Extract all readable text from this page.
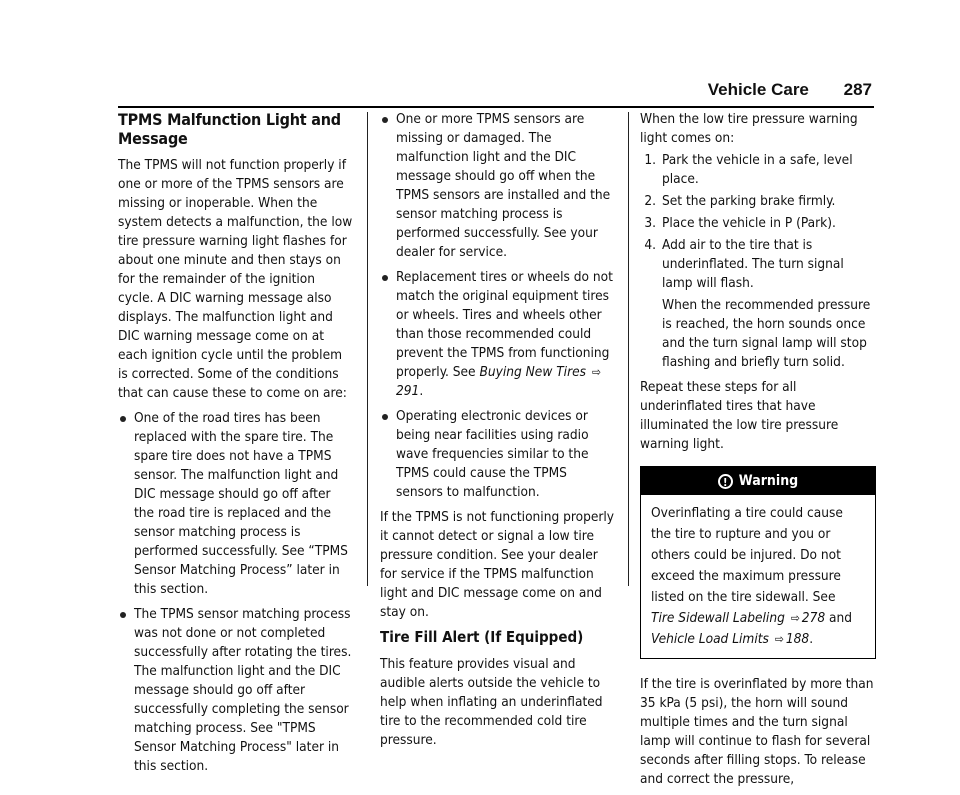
Vehicle Care 287
TPMS Malfunction Light and Message

The TPMS will not function properly if one or more of the TPMS sensors are missing or inoperable. When the system detects a malfunction, the low tire pressure warning light flashes for about one minute and then stays on for the remainder of the ignition cycle. A DIC warning message also displays. The malfunction light and DIC warning message come on at each ignition cycle until the problem is corrected. Some of the conditions that can cause these to come on are:

One of the road tires has been replaced with the spare tire. The spare tire does not have a TPMS sensor. The malfunction light and DIC message should go off after the road tire is replaced and the sensor matching process is performed successfully. See “TPMS Sensor Matching Process” later in this section.
The TPMS sensor matching process was not done or not completed successfully after rotating the tires. The malfunction light and the DIC message should go off after successfully completing the sensor matching process. See "TPMS Sensor Matching Process" later in this section.
One or more TPMS sensors are missing or damaged. The malfunction light and the DIC message should go off when the TPMS sensors are installed and the sensor matching process is performed successfully. See your dealer for service.
Replacement tires or wheels do not match the original equipment tires or wheels. Tires and wheels other than those recommended could prevent the TPMS from functioning properly. See Buying New Tires ⇨291.
Operating electronic devices or being near facilities using radio wave frequencies similar to the TPMS could cause the TPMS sensors to malfunction.

If the TPMS is not functioning properly it cannot detect or signal a low tire pressure condition. See your dealer for service if the TPMS malfunction light and DIC message come on and stay on.

Tire Fill Alert (If Equipped)

This feature provides visual and audible alerts outside the vehicle to help when inflating an underinflated tire to the recommended cold tire pressure.

When the low tire pressure warning light comes on:

1. Park the vehicle in a safe, level place.
2. Set the parking brake firmly.
3. Place the vehicle in P (Park).
4. Add air to the tire that is underinflated. The turn signal lamp will flash.

When the recommended pressure is reached, the horn sounds once and the turn signal lamp will stop flashing and briefly turn solid.

Repeat these steps for all underinflated tires that have illuminated the low tire pressure warning light.

! Warning
Overinflating a tire could cause the tire to rupture and you or others could be injured. Do not exceed the maximum pressure listed on the tire sidewall. See
Tire Sidewall Labeling ⇨ 278 and
Vehicle Load Limits ⇨ 188.

If the tire is overinflated by more than 35 kPa (5 psi), the horn will sound multiple times and the turn signal lamp will continue to flash for several seconds after filling stops. To release and correct the pressure,
